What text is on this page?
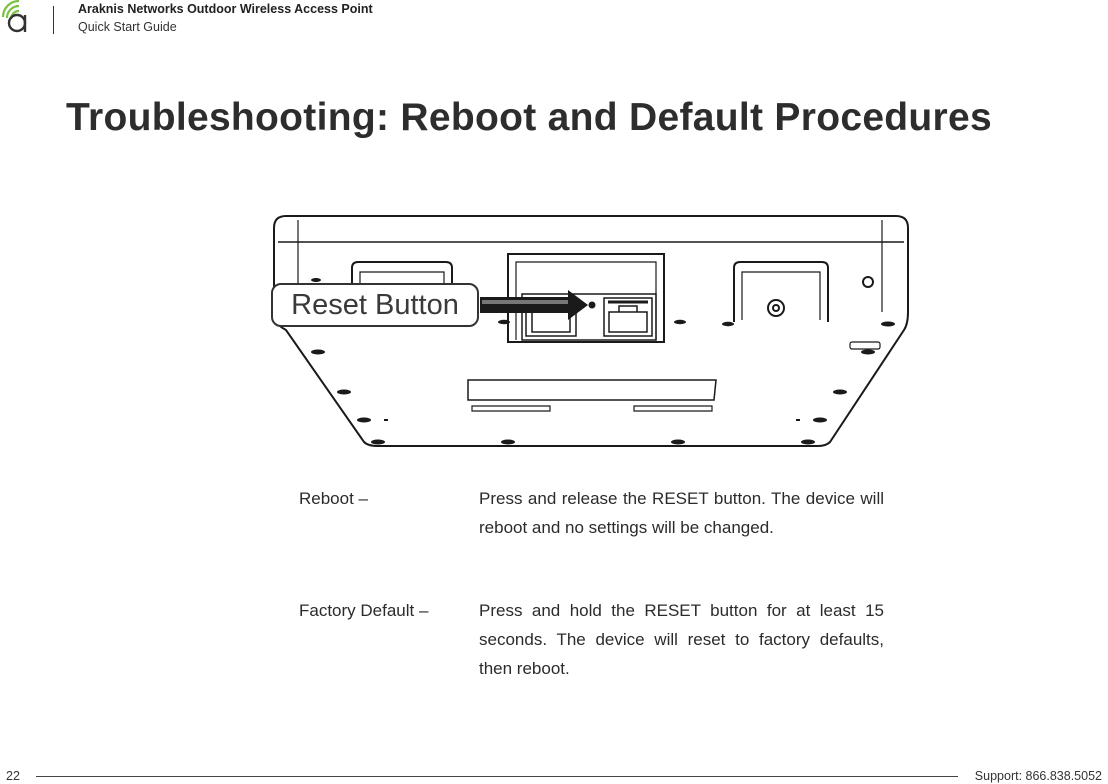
Araknis Networks Outdoor Wireless Access Point
Quick Start Guide
Troubleshooting: Reboot and Default Procedures
Reset Button
Reboot –	Press and release the RESET button. The device will reboot and no settings will be changed.

Factory Default –	Press and hold the RESET button for at least 15 seconds. The device will reset to factory defaults, then reboot.

22	Support: 866.838.5052
